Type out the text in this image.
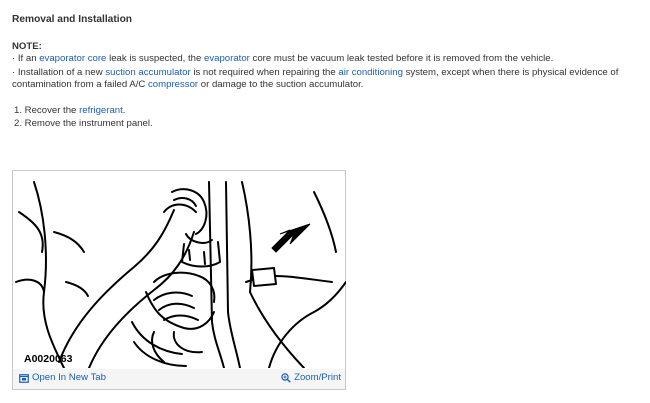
Removal and Installation
NOTE:
· If an evaporator core leak is suspected, the evaporator core must be vacuum leak tested before it is removed from the vehicle.
· Installation of a new suction accumulator is not required when repairing the air conditioning system, except when there is physical evidence of
contamination from a failed A/C compressor or damage to the suction accumulator.
1. Recover the refrigerant.
2. Remove the instrument panel.
A0020063
Open In New Tab	Zoom/Print
